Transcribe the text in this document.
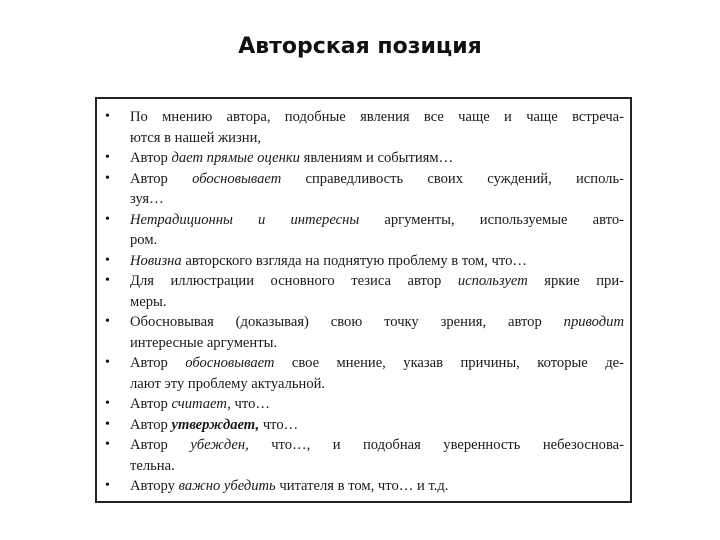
Авторская позиция
• По мнению автора, подобные явления все чаще и чаще встреча-
ются в нашей жизни,
• Автор дает прямые оценки явлениям и событиям…
• Автор обосновывает справедливость своих суждений, исполь-
зуя…
• Нетрадиционны и интересны аргументы, используемые авто-
ром.
• Новизна авторского взгляда на поднятую проблему в том, что…
• Для иллюстрации основного тезиса автор использует яркие при-
меры.
• Обосновывая (доказывая) свою точку зрения, автор приводит
интересные аргументы.
• Автор обосновывает свое мнение, указав причины, которые де-
лают эту проблему актуальной.
• Автор считает, что…
• Автор утверждает, что…
• Автор убежден, что…, и подобная уверенность небезоснова-
тельна.
• Автору важно убедить читателя в том, что… и т.д.
